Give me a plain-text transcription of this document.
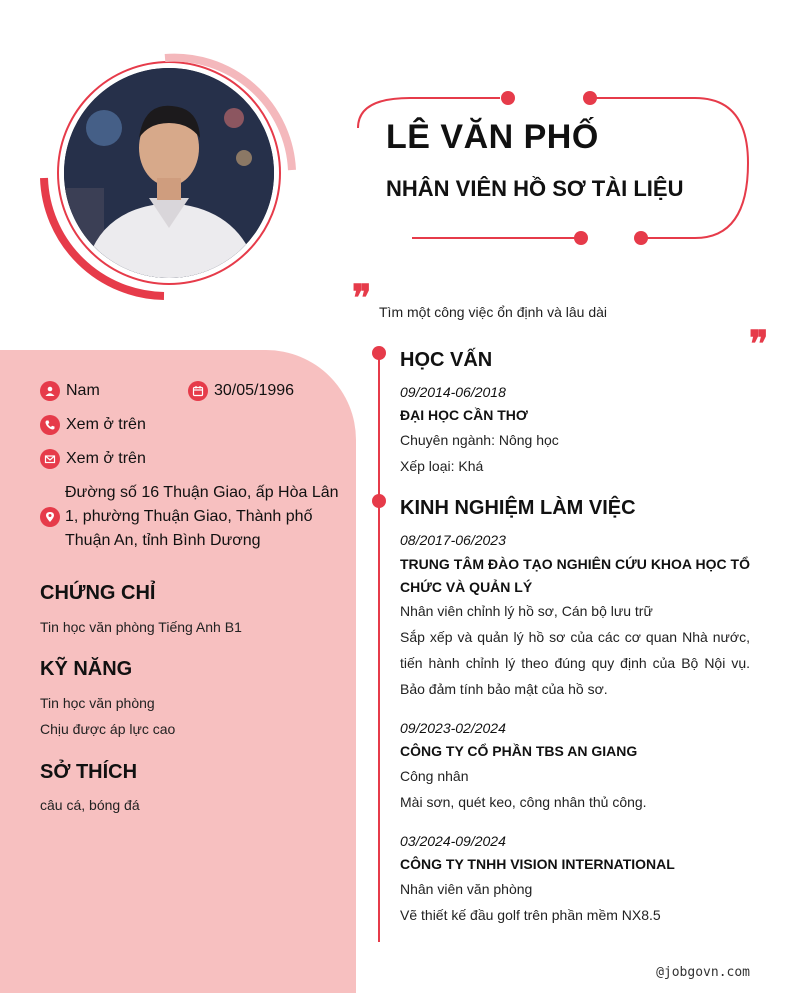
LÊ VĂN PHỐ
NHÂN VIÊN HỒ SƠ TÀI LIỆU
❞ Tìm một công việc ổn định và lâu dài
❞
Nam	30/05/1996
Xem ở trên
Xem ở trên
Đường số 16 Thuận Giao, ấp Hòa Lân 1, phường Thuận Giao, Thành phố Thuận An, tỉnh Bình Dương
CHỨNG CHỈ
Tin học văn phòng Tiếng Anh B1
KỸ NĂNG
Tin học văn phòng
Chịu được áp lực cao
SỞ THÍCH
câu cá, bóng đá
HỌC VẤN
09/2014-06/2018
ĐẠI HỌC CẦN THƠ
Chuyên ngành: Nông học
Xếp loại: Khá
KINH NGHIỆM LÀM VIỆC
08/2017-06/2023
TRUNG TÂM ĐÀO TẠO NGHIÊN CỨU KHOA HỌC TỔ CHỨC VÀ QUẢN LÝ
Nhân viên chỉnh lý hồ sơ, Cán bộ lưu trữ
Sắp xếp và quản lý hồ sơ của các cơ quan Nhà nước, tiến hành chỉnh lý theo đúng quy định của Bộ Nội vụ. Bảo đảm tính bảo mật của hồ sơ.
09/2023-02/2024
CÔNG TY CỔ PHẦN TBS AN GIANG
Công nhân
Mài sơn, quét keo, công nhân thủ công.
03/2024-09/2024
CÔNG TY TNHH VISION INTERNATIONAL
Nhân viên văn phòng
Vẽ thiết kế đầu golf trên phần mềm NX8.5
@jobgovn.com
